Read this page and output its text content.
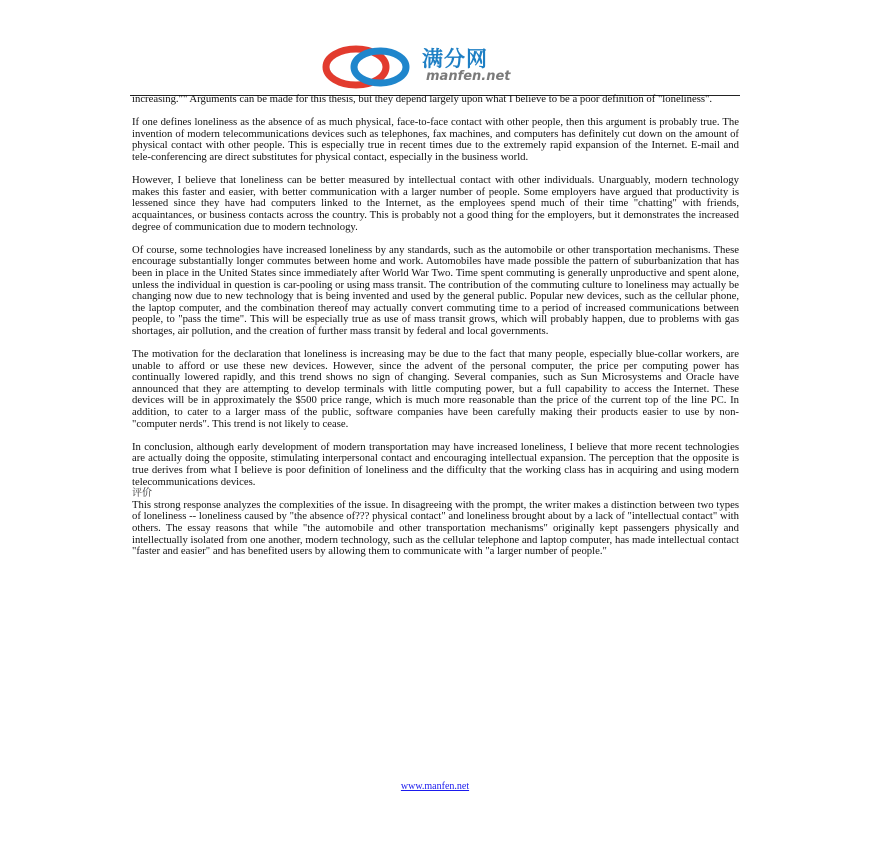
满分网
manfen.net

increasing."" Arguments can be made for this thesis, but they depend largely upon what I believe to be a poor definition of "loneliness".

If one defines loneliness as the absence of as much physical, face-to-face contact with other people, then this argument is probably true. The invention of modern telecommunications devices such as telephones, fax machines, and computers has definitely cut down on the amount of physical contact with other people. This is especially true in recent times due to the extremely rapid expansion of the Internet. E-mail and tele-conferencing are direct substitutes for physical contact, especially in the business world.

However, I believe that loneliness can be better measured by intellectual contact with other individuals. Unarguably, modern technology makes this faster and easier, with better communication with a larger number of people. Some employers have argued that productivity is lessened since they have had computers linked to the Internet, as the employees spend much of their time "chatting" with friends, acquaintances, or business contacts across the country. This is probably not a good thing for the employers, but it demonstrates the increased degree of communication due to modern technology.

Of course, some technologies have increased loneliness by any standards, such as the automobile or other transportation mechanisms. These encourage substantially longer commutes between home and work. Automobiles have made possible the pattern of suburbanization that has been in place in the United States since immediately after World War Two. Time spent commuting is generally unproductive and spent alone, unless the individual in question is car-pooling or using mass transit. The contribution of the commuting culture to loneliness may actually be changing now due to new technology that is being invented and used by the general public. Popular new devices, such as the cellular phone, the laptop computer, and the combination thereof may actually convert commuting time to a period of increased communications between people, to "pass the time". This will be especially true as use of mass transit grows, which will probably happen, due to problems with gas shortages, air pollution, and the creation of further mass transit by federal and local governments.

The motivation for the declaration that loneliness is increasing may be due to the fact that many people, especially blue-collar workers, are unable to afford or use these new devices. However, since the advent of the personal computer, the price per computing power has continually lowered rapidly, and this trend shows no sign of changing. Several companies, such as Sun Microsystems and Oracle have announced that they are attempting to develop terminals with little computing power, but a full capability to access the Internet. These devices will be in approximately the $500 price range, which is much more reasonable than the price of the current top of the line PC. In addition, to cater to a larger mass of the public, software companies have been carefully making their products easier to use by non-"computer nerds". This trend is not likely to cease.

In conclusion, although early development of modern transportation may have increased loneliness, I believe that more recent technologies are actually doing the opposite, stimulating interpersonal contact and encouraging intellectual expansion. The perception that the opposite is true derives from what I believe is poor definition of loneliness and the difficulty that the working class has in acquiring and using modern telecommunications devices.

评价

This strong response analyzes the complexities of the issue. In disagreeing with the prompt, the writer makes a distinction between two types of loneliness -- loneliness caused by "the absence of??? physical contact" and loneliness brought about by a lack of "intellectual contact" with others. The essay reasons that while "the automobile and other transportation mechanisms" originally kept passengers physically and intellectually isolated from one another, modern technology, such as the cellular telephone and laptop computer, has made intellectual contact "faster and easier" and has benefited users by allowing them to communicate with "a larger number of people."

www.manfen.net
